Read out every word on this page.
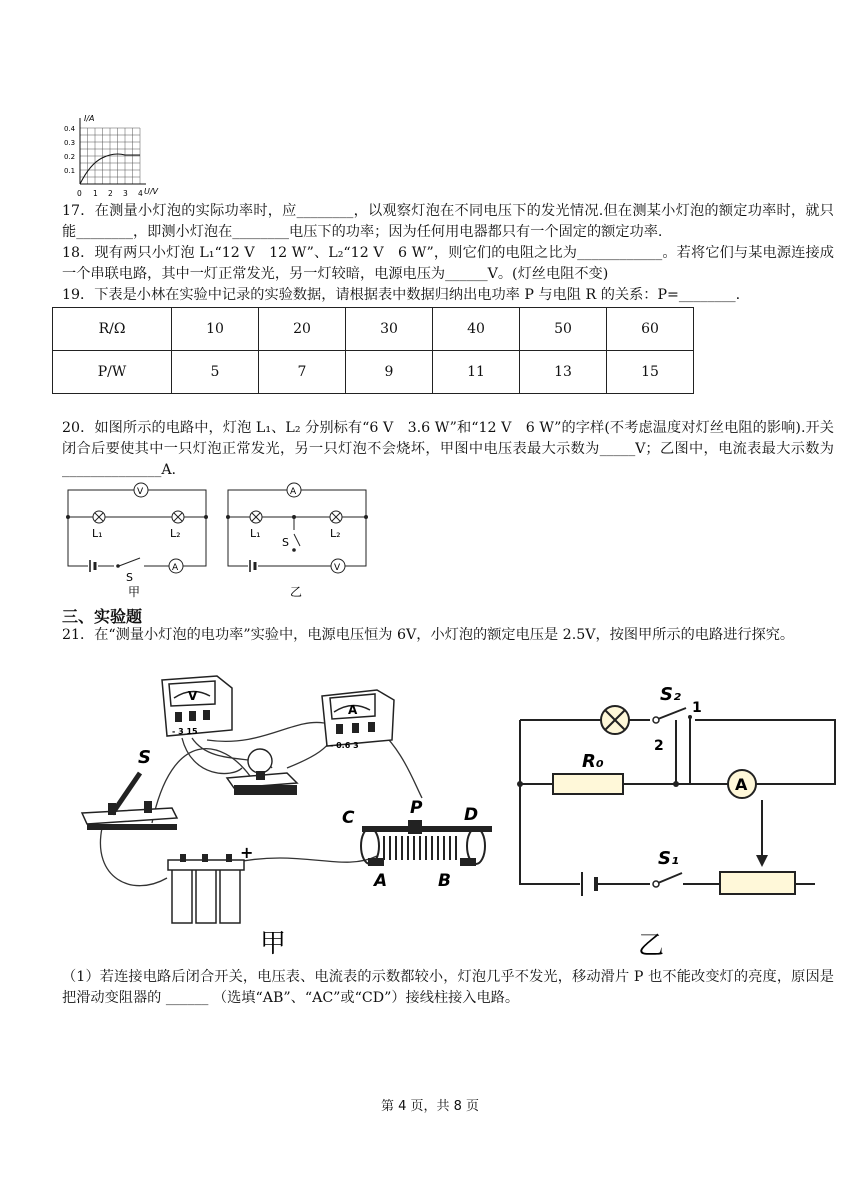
I/A
U/V
0
0.4
0.3
0.2
0.1
1 2 3 4
17．在测量小灯泡的实际功率时，应________，以观察灯泡在不同电压下的发光情况.但在测某小灯泡的额定功率时，就只能________，即测小灯泡在________电压下的功率；因为任何用电器都只有一个固定的额定功率.
18．现有两只小灯泡 L₁“12 V　12 W”、L₂“12 V　6 W”，则它们的电阻之比为____________。若将它们与某电源连接成一个串联电路，其中一灯正常发光，另一灯较暗，电源电压为______V。(灯丝电阻不变)
19．下表是小林在实验中记录的实验数据，请根据表中数据归纳出电功率 P 与电阻 R 的关系：P=________.
R/Ω	10	20	30	40	50	60
P/W	5	7	9	11	13	15
20．如图所示的电路中，灯泡 L₁、L₂ 分别标有“6 V　3.6 W”和“12 V　6 W”的字样(不考虑温度对灯丝电阻的影响).开关闭合后要使其中一只灯泡正常发光，另一只灯泡不会烧坏，甲图中电压表最大示数为_____V；乙图中，电流表最大示数为______________A.
V
L₁	L₂
S
A
甲
A
L₁	L₂
S
V
乙
三、实验题
21．在“测量小灯泡的电功率”实验中，电源电压恒为 6V，小灯泡的额定电压是 2.5V，按图甲所示的电路进行探究。
V
- 3 15
A
- 0.6 3
S
+
C	P D
A	B
甲
A
S₂
1
2
R₀
S₁
乙
（1）若连接电路后闭合开关，电压表、电流表的示数都较小，灯泡几乎不发光，移动滑片 P 也不能改变灯的亮度，原因是把滑动变阻器的 ______ （选填“AB”、“AC”或“CD”）接线柱接入电路。
第 4 页，共 8 页
